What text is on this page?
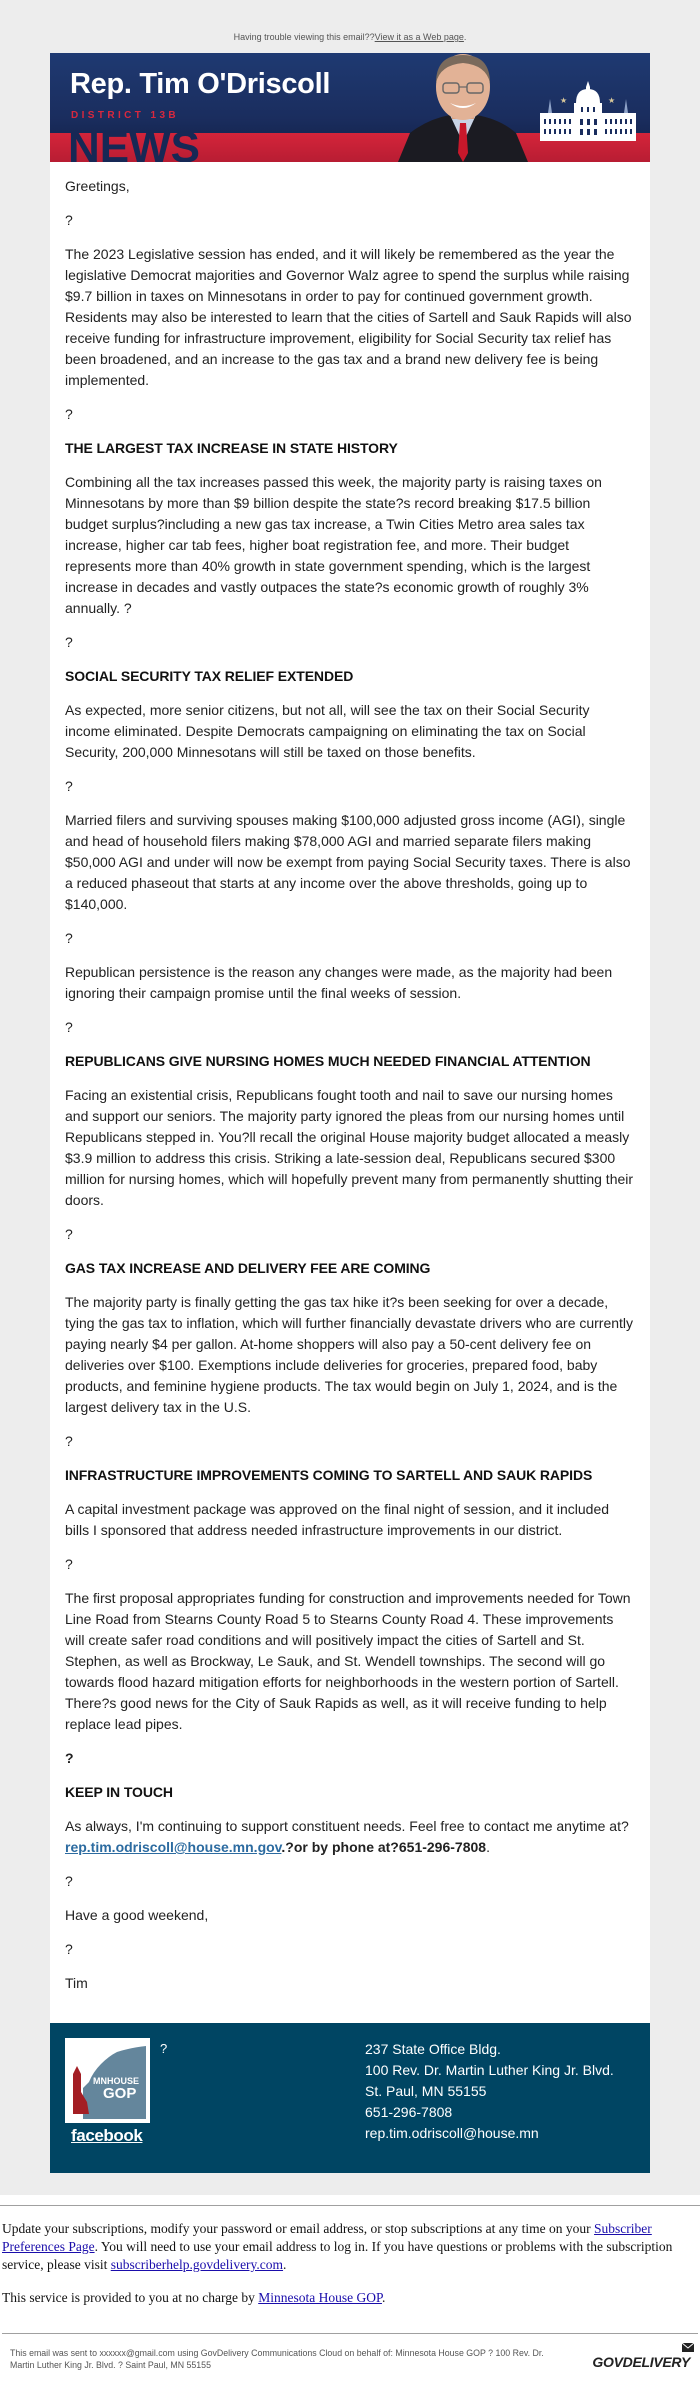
Having trouble viewing this email??View it as a Web page.
Rep. Tim O'Driscoll
DISTRICT 13B
NEWS
★	★

Greetings,

?

The 2023 Legislative session has ended, and it will likely be remembered as the year the legislative Democrat majorities and Governor Walz agree to spend the surplus while raising $9.7 billion in taxes on Minnesotans in order to pay for continued government growth. Residents may also be interested to learn that the cities of Sartell and Sauk Rapids will also receive funding for infrastructure improvement, eligibility for Social Security tax relief has been broadened, and an increase to the gas tax and a brand new delivery fee is being implemented.

?

THE LARGEST TAX INCREASE IN STATE HISTORY

Combining all the tax increases passed this week, the majority party is raising taxes on Minnesotans by more than $9 billion despite the state?s record breaking $17.5 billion budget surplus?including a new gas tax increase, a Twin Cities Metro area sales tax increase, higher car tab fees, higher boat registration fee, and more. Their budget represents more than 40% growth in state government spending, which is the largest increase in decades and vastly outpaces the state?s economic growth of roughly 3% annually. ?

?

SOCIAL SECURITY TAX RELIEF EXTENDED

As expected, more senior citizens, but not all, will see the tax on their Social Security income eliminated. Despite Democrats campaigning on eliminating the tax on Social Security, 200,000 Minnesotans will still be taxed on those benefits.

?

Married filers and surviving spouses making $100,000 adjusted gross income (AGI), single and head of household filers making $78,000 AGI and married separate filers making $50,000 AGI and under will now be exempt from paying Social Security taxes. There is also a reduced phaseout that starts at any income over the above thresholds, going up to $140,000.

?

Republican persistence is the reason any changes were made, as the majority had been ignoring their campaign promise until the final weeks of session.

?

REPUBLICANS GIVE NURSING HOMES MUCH NEEDED FINANCIAL ATTENTION

Facing an existential crisis, Republicans fought tooth and nail to save our nursing homes and support our seniors. The majority party ignored the pleas from our nursing homes until Republicans stepped in. You?ll recall the original House majority budget allocated a measly $3.9 million to address this crisis. Striking a late-session deal, Republicans secured $300 million for nursing homes, which will hopefully prevent many from permanently shutting their doors.

?

GAS TAX INCREASE AND DELIVERY FEE ARE COMING

The majority party is finally getting the gas tax hike it?s been seeking for over a decade, tying the gas tax to inflation, which will further financially devastate drivers who are currently paying nearly $4 per gallon. At-home shoppers will also pay a 50-cent delivery fee on deliveries over $100. Exemptions include deliveries for groceries, prepared food, baby products, and feminine hygiene products. The tax would begin on July 1, 2024, and is the largest delivery tax in the U.S.

?

INFRASTRUCTURE IMPROVEMENTS COMING TO SARTELL AND SAUK RAPIDS

A capital investment package was approved on the final night of session, and it included bills I sponsored that address needed infrastructure improvements in our district.

?

The first proposal appropriates funding for construction and improvements needed for Town Line Road from Stearns County Road 5 to Stearns County Road 4. These improvements will create safer road conditions and will positively impact the cities of Sartell and St. Stephen, as well as Brockway, Le Sauk, and St. Wendell townships. The second will go towards flood hazard mitigation efforts for neighborhoods in the western portion of Sartell. There?s good news for the City of Sauk Rapids as well, as it will receive funding to help replace lead pipes.

?

KEEP IN TOUCH

As always, I'm continuing to support constituent needs. Feel free to contact me anytime at?rep.tim.odriscoll@house.mn.gov.?or by phone at?651-296-7808.

?

Have a good weekend,

?

Tim

MNHOUSE
GOP
facebook
?	237 State Office Bldg.
100 Rev. Dr. Martin Luther King Jr. Blvd.
St. Paul, MN 55155
651-296-7808
rep.tim.odriscoll@house.mn

Update your subscriptions, modify your password or email address, or stop subscriptions at any time on your Subscriber Preferences Page. You will need to use your email address to log in. If you have questions or problems with the subscription service, please visit subscriberhelp.govdelivery.com.

This service is provided to you at no charge by Minnesota House GOP.

This email was sent to xxxxxx@gmail.com using GovDelivery Communications Cloud on behalf of: Minnesota House GOP ? 100 Rev. Dr. Martin Luther King Jr. Blvd. ? Saint Paul, MN 55155	GOVDELIVERY
